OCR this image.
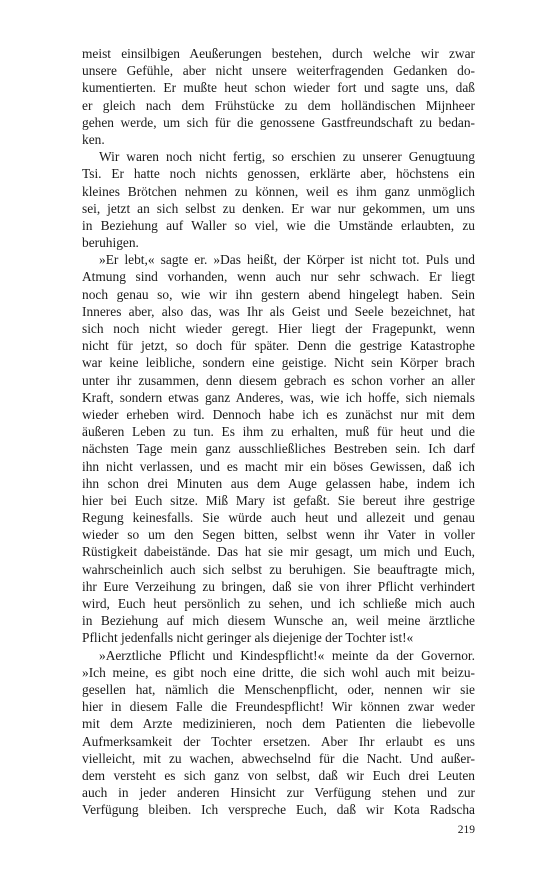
meist einsilbigen Aeußerungen bestehen, durch welche wir zwar
unsere Gefühle, aber nicht unsere weiterfragenden Gedanken do-
kumentierten. Er mußte heut schon wieder fort und sagte uns, daß
er gleich nach dem Frühstücke zu dem holländischen Mijnheer
gehen werde, um sich für die genossene Gastfreundschaft zu bedan-
ken.
Wir waren noch nicht fertig, so erschien zu unserer Genugtuung
Tsi. Er hatte noch nichts genossen, erklärte aber, höchstens ein
kleines Brötchen nehmen zu können, weil es ihm ganz unmöglich
sei, jetzt an sich selbst zu denken. Er war nur gekommen, um uns
in Beziehung auf Waller so viel, wie die Umstände erlaubten, zu
beruhigen.
»Er lebt,« sagte er. »Das heißt, der Körper ist nicht tot. Puls und
Atmung sind vorhanden, wenn auch nur sehr schwach. Er liegt
noch genau so, wie wir ihn gestern abend hingelegt haben. Sein
Inneres aber, also das, was Ihr als Geist und Seele bezeichnet, hat
sich noch nicht wieder geregt. Hier liegt der Fragepunkt, wenn
nicht für jetzt, so doch für später. Denn die gestrige Katastrophe
war keine leibliche, sondern eine geistige. Nicht sein Körper brach
unter ihr zusammen, denn diesem gebrach es schon vorher an aller
Kraft, sondern etwas ganz Anderes, was, wie ich hoffe, sich niemals
wieder erheben wird. Dennoch habe ich es zunächst nur mit dem
äußeren Leben zu tun. Es ihm zu erhalten, muß für heut und die
nächsten Tage mein ganz ausschließliches Bestreben sein. Ich darf
ihn nicht verlassen, und es macht mir ein böses Gewissen, daß ich
ihn schon drei Minuten aus dem Auge gelassen habe, indem ich
hier bei Euch sitze. Miß Mary ist gefaßt. Sie bereut ihre gestrige
Regung keinesfalls. Sie würde auch heut und allezeit und genau
wieder so um den Segen bitten, selbst wenn ihr Vater in voller
Rüstigkeit dabeistände. Das hat sie mir gesagt, um mich und Euch,
wahrscheinlich auch sich selbst zu beruhigen. Sie beauftragte mich,
ihr Eure Verzeihung zu bringen, daß sie von ihrer Pflicht verhindert
wird, Euch heut persönlich zu sehen, und ich schließe mich auch
in Beziehung auf mich diesem Wunsche an, weil meine ärztliche
Pflicht jedenfalls nicht geringer als diejenige der Tochter ist!«
»Aerztliche Pflicht und Kindespflicht!« meinte da der Governor.
»Ich meine, es gibt noch eine dritte, die sich wohl auch mit beizu-
gesellen hat, nämlich die Menschenpflicht, oder, nennen wir sie
hier in diesem Falle die Freundespflicht! Wir können zwar weder
mit dem Arzte medizinieren, noch dem Patienten die liebevolle
Aufmerksamkeit der Tochter ersetzen. Aber Ihr erlaubt es uns
vielleicht, mit zu wachen, abwechselnd für die Nacht. Und außer-
dem versteht es sich ganz von selbst, daß wir Euch drei Leuten
auch in jeder anderen Hinsicht zur Verfügung stehen und zur
Verfügung bleiben. Ich verspreche Euch, daß wir Kota Radscha
219
